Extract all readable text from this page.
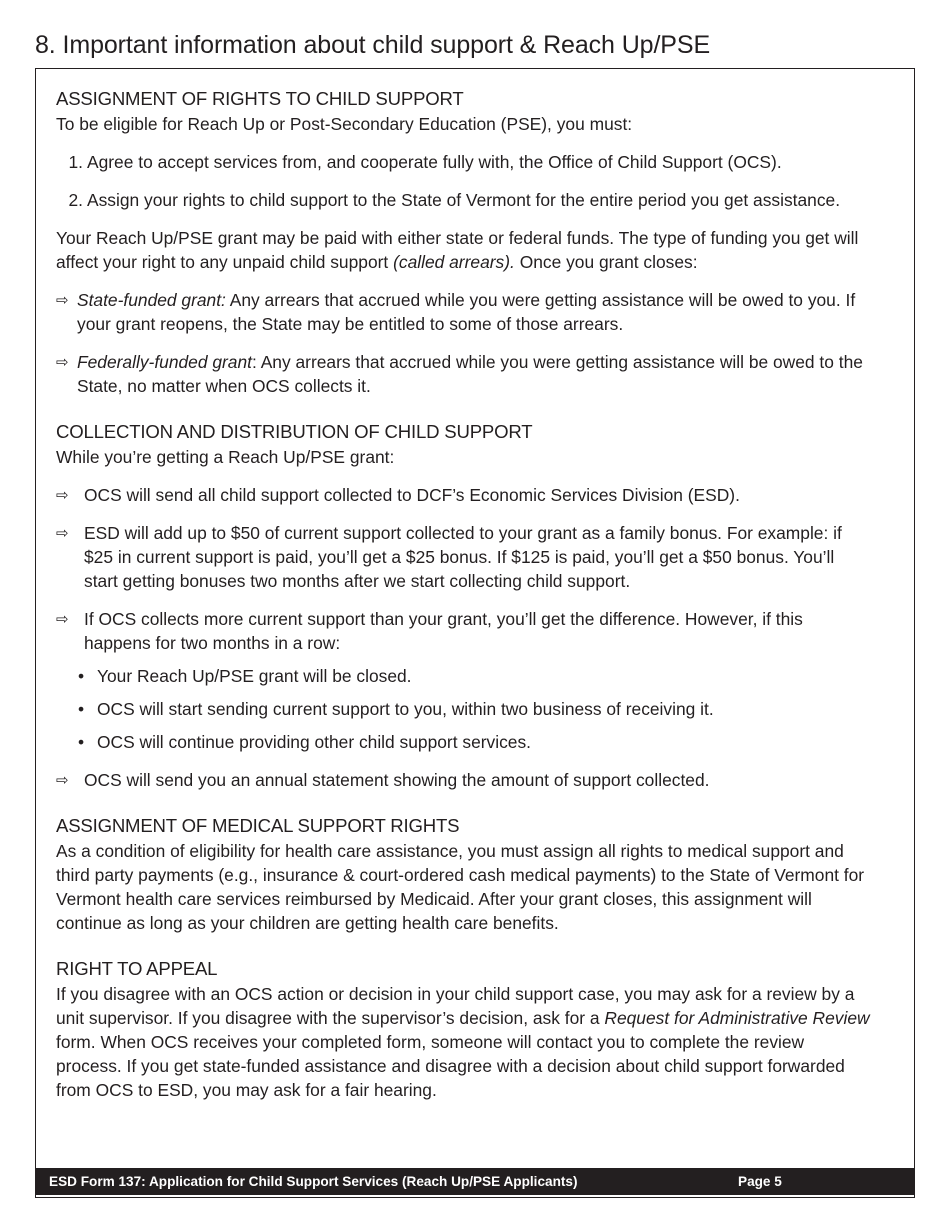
8. Important information about child support & Reach Up/PSE
ASSIGNMENT OF RIGHTS TO CHILD SUPPORT

To be eligible for Reach Up or Post-Secondary Education (PSE), you must:

1. Agree to accept services from, and cooperate fully with, the Office of Child Support (OCS).
2. Assign your rights to child support to the State of Vermont for the entire period you get assistance.

Your Reach Up/PSE grant may be paid with either state or federal funds. The type of funding you get will affect your right to any unpaid child support (called arrears). Once you grant closes:

⇨ State-funded grant: Any arrears that accrued while you were getting assistance will be owed to you. If your grant reopens, the State may be entitled to some of those arrears.
⇨ Federally-funded grant: Any arrears that accrued while you were getting assistance will be owed to the State, no matter when OCS collects it.
COLLECTION AND DISTRIBUTION OF CHILD SUPPORT

While you’re getting a Reach Up/PSE grant:

⇨ OCS will send all child support collected to DCF’s Economic Services Division (ESD).
⇨ ESD will add up to $50 of current support collected to your grant as a family bonus. For example: if $25 in current support is paid, you’ll get a $25 bonus. If $125 is paid, you’ll get a $50 bonus. You’ll start getting bonuses two months after we start collecting child support.
⇨ If OCS collects more current support than your grant, you’ll get the difference. However, if this happens for two months in a row:
• Your Reach Up/PSE grant will be closed.
• OCS will start sending current support to you, within two business of receiving it.
• OCS will continue providing other child support services.
⇨ OCS will send you an annual statement showing the amount of support collected.
ASSIGNMENT OF MEDICAL SUPPORT RIGHTS

As a condition of eligibility for health care assistance, you must assign all rights to medical support and third party payments (e.g., insurance & court-ordered cash medical payments) to the State of Vermont for Vermont health care services reimbursed by Medicaid. After your grant closes, this assignment will continue as long as your children are getting health care benefits.

RIGHT TO APPEAL

If you disagree with an OCS action or decision in your child support case, you may ask for a review by a unit supervisor. If you disagree with the supervisor’s decision, ask for a Request for Administrative Review form. When OCS receives your completed form, someone will contact you to complete the review process. If you get state-funded assistance and disagree with a decision about child support forwarded from OCS to ESD, you may ask for a fair hearing.

ESD Form 137: Application for Child Support Services (Reach Up/PSE Applicants)	Page 5
